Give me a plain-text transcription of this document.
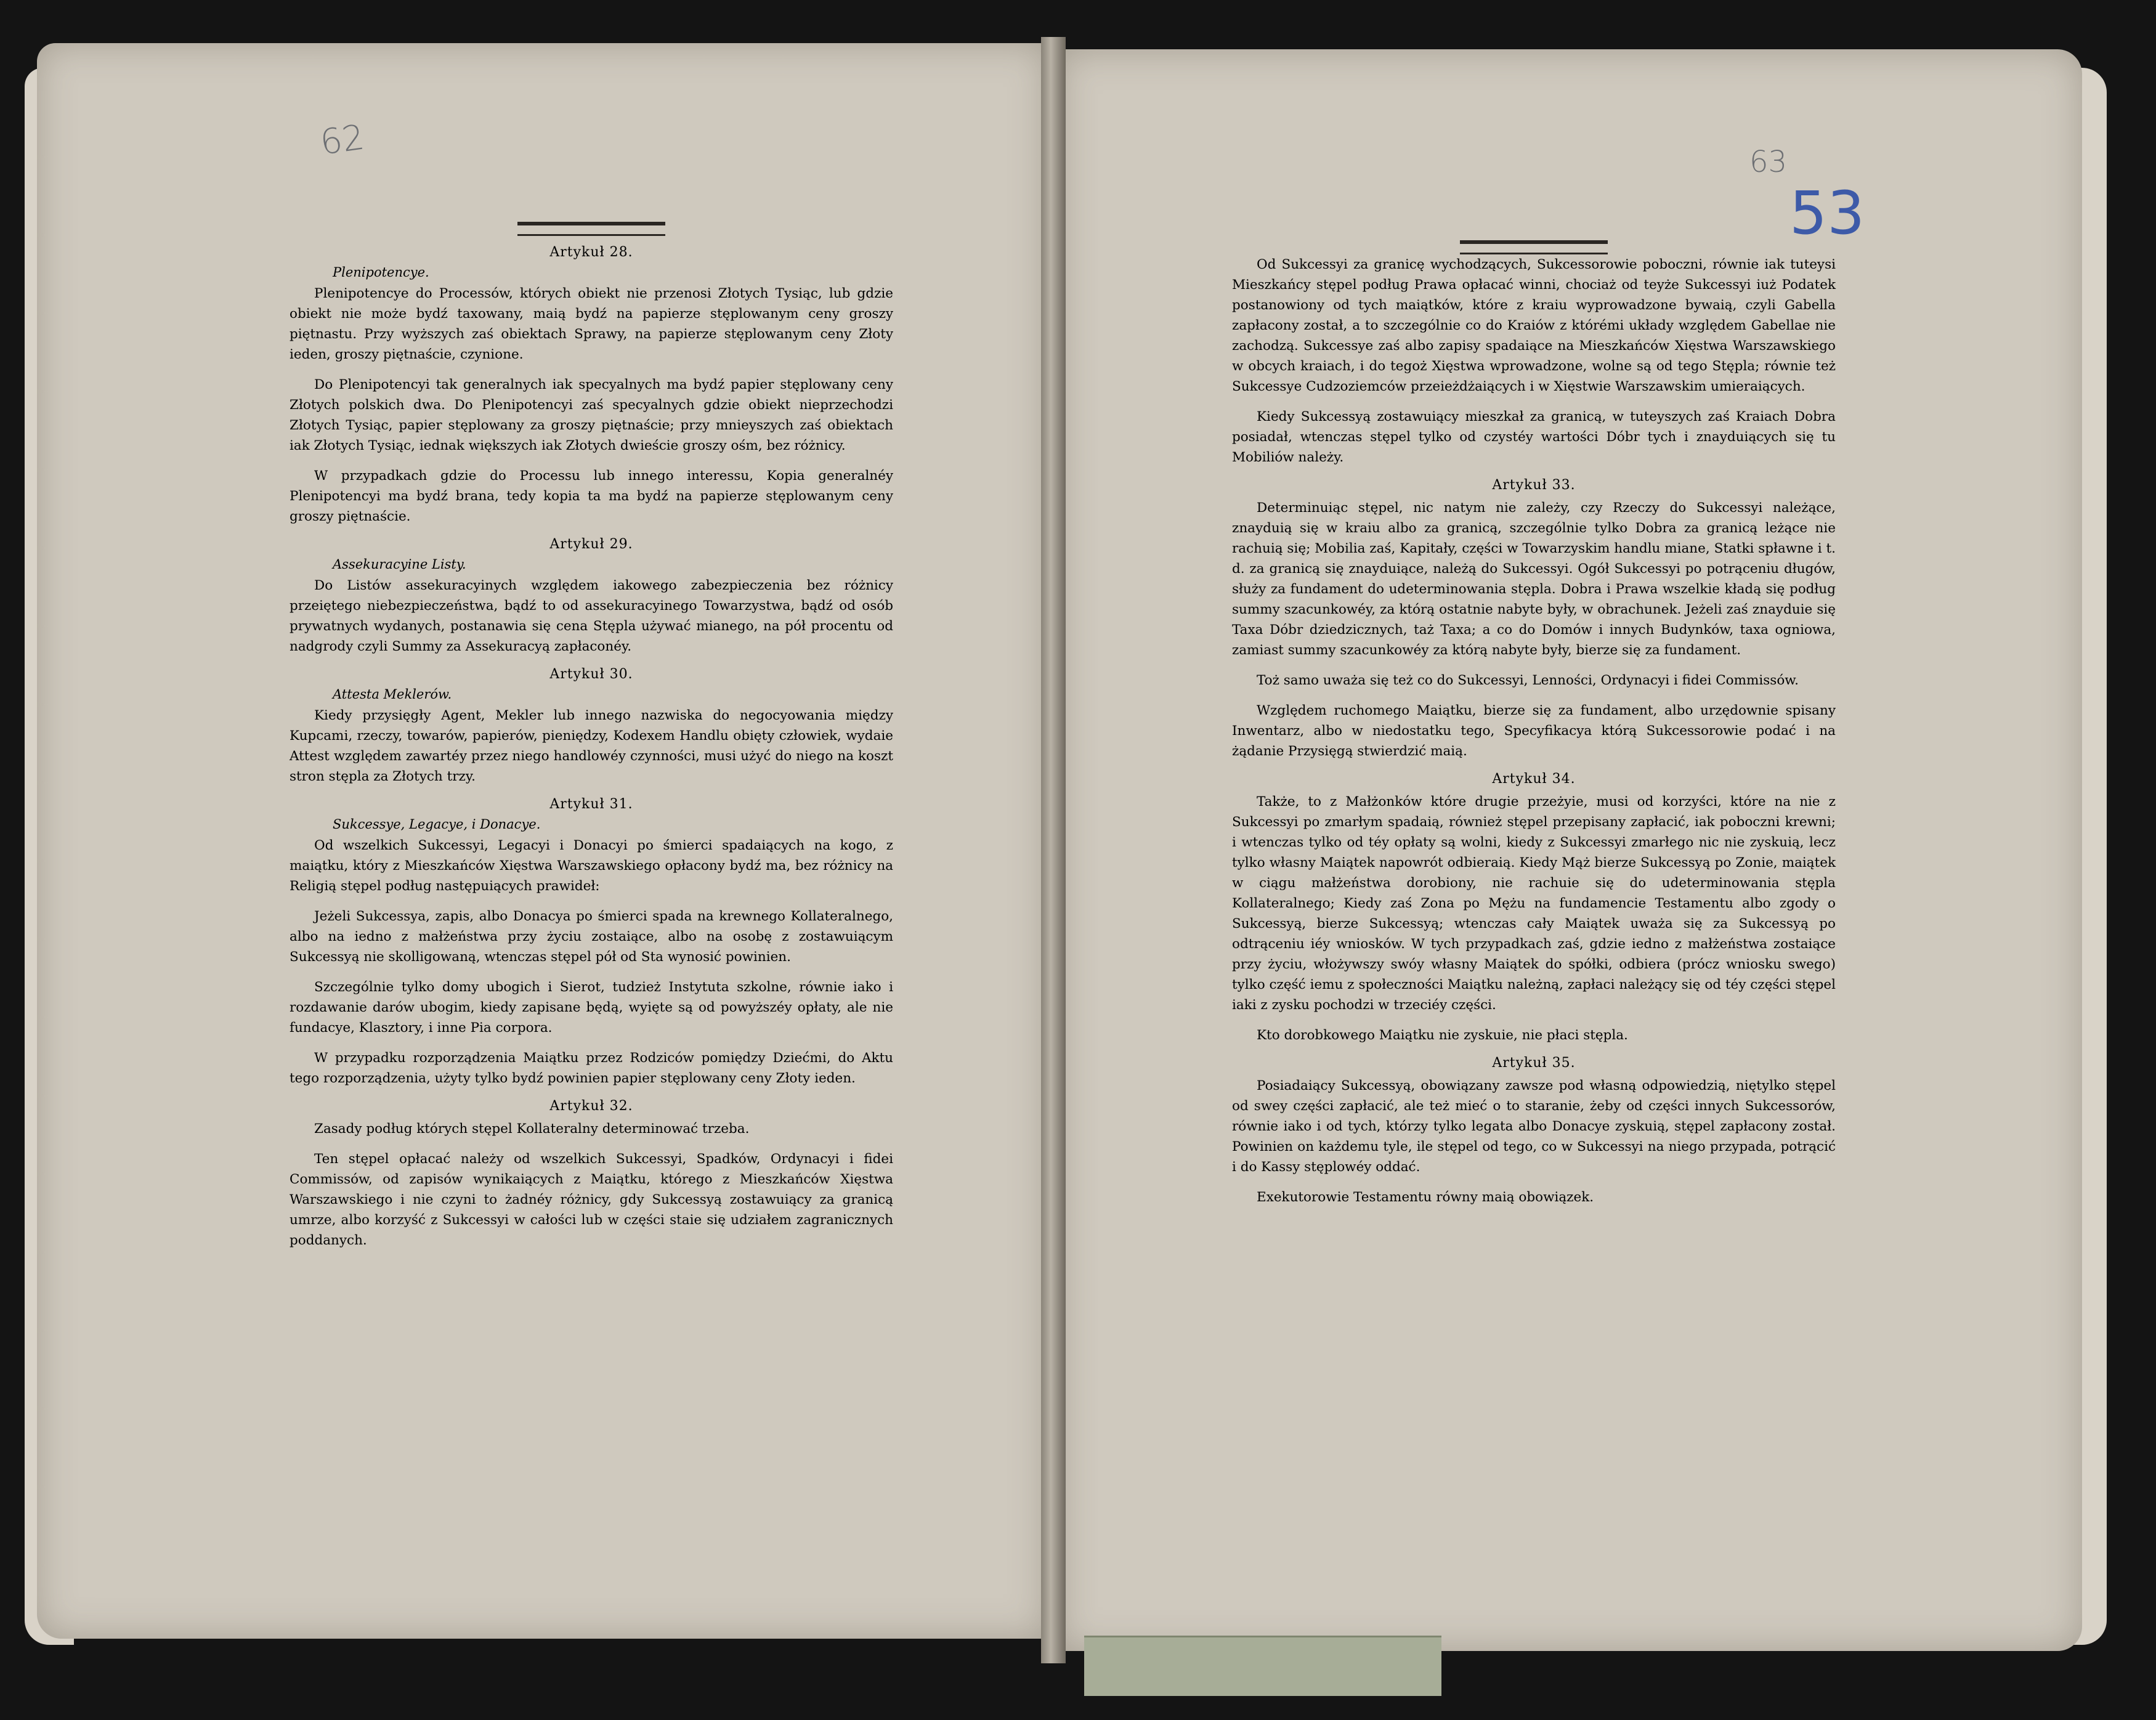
62	63
53
Artykuł 28.
Plenipotencye.

Plenipotencye do Processów, których obiekt nie przenosi Złotych Tysiąc, lub gdzie obiekt nie może bydź taxowany, maią bydź na papierze stęplowanym ceny groszy piętnastu. Przy wyższych zaś obiektach Sprawy, na papierze stęplowanym ceny Złoty ieden, groszy piętnaście, czynione.

Do Plenipotencyi tak generalnych iak specyalnych ma bydź papier stęplowany ceny Złotych polskich dwa. Do Plenipotencyi zaś specyalnych gdzie obiekt nieprzechodzi Złotych Tysiąc, papier stęplowany za groszy piętnaście; przy mnieyszych zaś obiektach iak Złotych Tysiąc, iednak większych iak Złotych dwieście groszy ośm, bez różnicy.

W przypadkach gdzie do Processu lub innego interessu, Kopia generalnéy Plenipotencyi ma bydź brana, tedy kopia ta ma bydź na papierze stęplowanym ceny groszy piętnaście.

Artykuł 29.
Assekuracyine Listy.

Do Listów assekuracyinych względem iakowego zabezpieczenia bez różnicy przeiętego niebezpieczeństwa, bądź to od assekuracyinego Towarzystwa, bądź od osób prywatnych wydanych, postanawia się cena Stępla używać mianego, na pół procentu od nadgrody czyli Summy za Assekuracyą zapłaconéy.

Artykuł 30.
Attesta Meklerów.

Kiedy przysięgły Agent, Mekler lub innego nazwiska do negocyowania między Kupcami, rzeczy, towarów, papierów, pieniędzy, Kodexem Handlu obięty człowiek, wydaie Attest względem zawartéy przez niego handlowéy czynności, musi użyć do niego na koszt stron stępla za Złotych trzy.

Artykuł 31.
Sukcessye, Legacye, i Donacye.

Od wszelkich Sukcessyi, Legacyi i Donacyi po śmierci spadaiących na kogo, z maiątku, który z Mieszkańców Xięstwa Warszawskiego opłacony bydź ma, bez różnicy na Religią stępel podług następuiących prawideł:

Jeżeli Sukcessya, zapis, albo Donacya po śmierci spada na krewnego Kollateralnego, albo na iedno z małżeństwa przy życiu zostaiące, albo na osobę z zostawuiącym Sukcessyą nie skolligowaną, wtenczas stępel pół od Sta wynosić powinien.

Szczególnie tylko domy ubogich i Sierot, tudzież Instytuta szkolne, równie iako i rozdawanie darów ubogim, kiedy zapisane będą, wyięte są od powyższéy opłaty, ale nie fundacye, Klasztory, i inne Pia corpora.

W przypadku rozporządzenia Maiątku przez Rodziców pomiędzy Dziećmi, do Aktu tego rozporządzenia, użyty tylko bydź powinien papier stęplowany ceny Złoty ieden.

Artykuł 32.

Zasady podług których stępel Kollateralny determinować trzeba.

Ten stępel opłacać należy od wszelkich Sukcessyi, Spadków, Ordynacyi i fidei Commissów, od zapisów wynikaiących z Maiątku, którego z Mieszkańców Xięstwa Warszawskiego i nie czyni to żadnéy różnicy, gdy Sukcessyą zostawuiący za granicą umrze, albo korzyść z Sukcessyi w całości lub w części staie się udziałem zagranicznych poddanych.

Od Sukcessyi za granicę wychodzących, Sukcessorowie poboczni, równie iak tuteysi Mieszkańcy stępel podług Prawa opłacać winni, chociaż od teyże Sukcessyi iuż Podatek postanowiony od tych maiątków, które z kraiu wyprowadzone bywaią, czyli Gabella zapłacony został, a to szczególnie co do Kraiów z którémi układy względem Gabellae nie zachodzą. Sukcessye zaś albo zapisy spadaiące na Mieszkańców Xięstwa Warszawskiego w obcych kraiach, i do tegoż Xięstwa wprowadzone, wolne są od tego Stępla; równie też Sukcessye Cudzoziemców przeieżdżaiących i w Xięstwie Warszawskim umieraiących.

Kiedy Sukcessyą zostawuiący mieszkał za granicą, w tuteyszych zaś Kraiach Dobra posiadał, wtenczas stępel tylko od czystéy wartości Dóbr tych i znayduiących się tu Mobiliów należy.

Artykuł 33.

Determinuiąc stępel, nic natym nie zależy, czy Rzeczy do Sukcessyi należące, znayduią się w kraiu albo za granicą, szczególnie tylko Dobra za granicą leżące nie rachuią się; Mobilia zaś, Kapitały, części w Towarzyskim handlu miane, Statki spławne i t. d. za granicą się znayduiące, należą do Sukcessyi. Ogół Sukcessyi po potrąceniu długów, służy za fundament do udeterminowania stępla. Dobra i Prawa wszelkie kładą się podług summy szacunkowéy, za którą ostatnie nabyte były, w obrachunek. Jeżeli zaś znayduie się Taxa Dóbr dziedzicznych, taż Taxa; a co do Domów i innych Budynków, taxa ogniowa, zamiast summy szacunkowéy za którą nabyte były, bierze się za fundament.

Toż samo uważa się też co do Sukcessyi, Lenności, Ordynacyi i fidei Commissów.

Względem ruchomego Maiątku, bierze się za fundament, albo urzędownie spisany Inwentarz, albo w niedostatku tego, Specyfikacya którą Sukcessorowie podać i na żądanie Przysięgą stwierdzić maią.

Artykuł 34.

Także, to z Małżonków które drugie przeżyie, musi od korzyści, które na nie z Sukcessyi po zmarłym spadaią, również stępel przepisany zapłacić, iak poboczni krewni; i wtenczas tylko od téy opłaty są wolni, kiedy z Sukcessyi zmarłego nic nie zyskuią, lecz tylko własny Maiątek napowrót odbieraią. Kiedy Mąż bierze Sukcessyą po Zonie, maiątek w ciągu małżeństwa dorobiony, nie rachuie się do udeterminowania stępla Kollateralnego; Kiedy zaś Zona po Mężu na fundamencie Testamentu albo zgody o Sukcessyą, bierze Sukcessyą; wtenczas cały Maiątek uważa się za Sukcessyą po odtrąceniu iéy wniosków. W tych przypadkach zaś, gdzie iedno z małżeństwa zostaiące przy życiu, włożywszy swóy własny Maiątek do spółki, odbiera (prócz wniosku swego) tylko część iemu z społeczności Maiątku należną, zapłaci należący się od téy części stępel iaki z zysku pochodzi w trzeciéy części.

Kto dorobkowego Maiątku nie zyskuie, nie płaci stępla.

Artykuł 35.

Posiadaiący Sukcessyą, obowiązany zawsze pod własną odpowiedzią, niętylko stępel od swey części zapłacić, ale też mieć o to staranie, żeby od części innych Sukcessorów, równie iako i od tych, którzy tylko legata albo Donacye zyskuią, stępel zapłacony został. Powinien on każdemu tyle, ile stępel od tego, co w Sukcessyi na niego przypada, potrącić i do Kassy stęplowéy oddać.

Exekutorowie Testamentu równy maią obowiązek.
